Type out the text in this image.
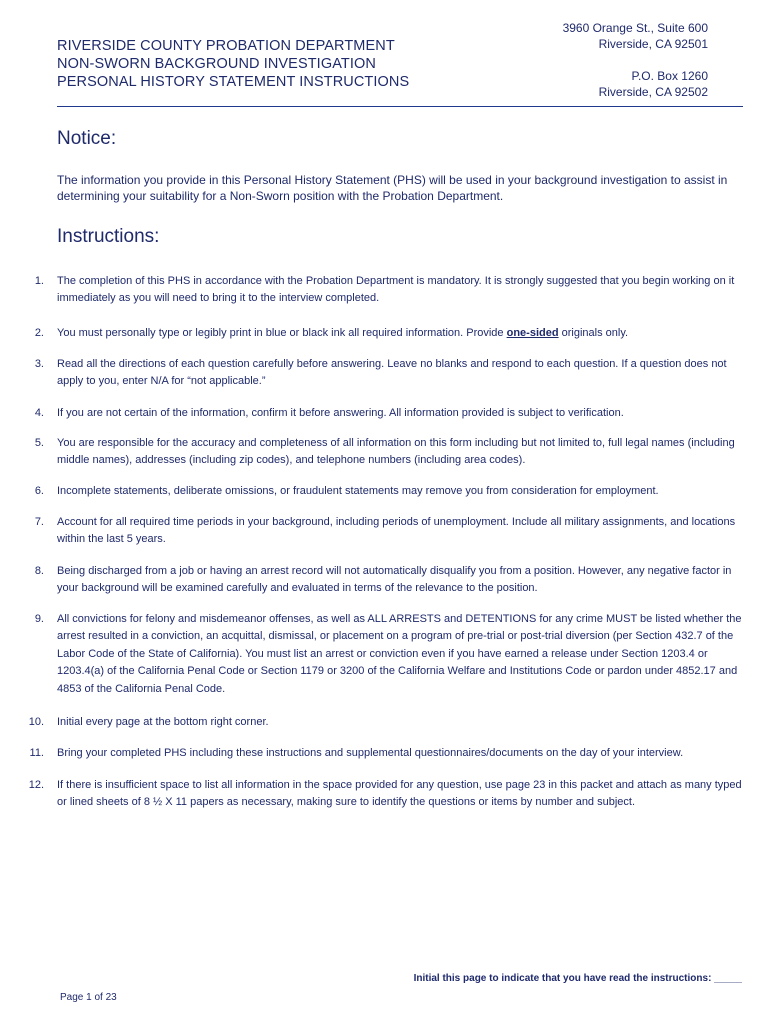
RIVERSIDE COUNTY PROBATION DEPARTMENT
NON-SWORN BACKGROUND INVESTIGATION
PERSONAL HISTORY STATEMENT INSTRUCTIONS
3960 Orange St., Suite 600
Riverside, CA 92501
P.O. Box 1260
Riverside, CA 92502
Notice:
The information you provide in this Personal History Statement (PHS) will be used in your background investigation to assist in determining your suitability for a Non-Sworn position with the Probation Department.
Instructions:
1. The completion of this PHS in accordance with the Probation Department is mandatory. It is strongly suggested that you begin working on it immediately as you will need to bring it to the interview completed.
2. You must personally type or legibly print in blue or black ink all required information. Provide one-sided originals only.
3. Read all the directions of each question carefully before answering. Leave no blanks and respond to each question. If a question does not apply to you, enter N/A for “not applicable.”
4. If you are not certain of the information, confirm it before answering. All information provided is subject to verification.
5. You are responsible for the accuracy and completeness of all information on this form including but not limited to, full legal names (including middle names), addresses (including zip codes), and telephone numbers (including area codes).
6. Incomplete statements, deliberate omissions, or fraudulent statements may remove you from consideration for employment.
7. Account for all required time periods in your background, including periods of unemployment. Include all military assignments, and locations within the last 5 years.
8. Being discharged from a job or having an arrest record will not automatically disqualify you from a position. However, any negative factor in your background will be examined carefully and evaluated in terms of the relevance to the position.
9. All convictions for felony and misdemeanor offenses, as well as ALL ARRESTS and DETENTIONS for any crime MUST be listed whether the arrest resulted in a conviction, an acquittal, dismissal, or placement on a program of pre-trial or post-trial diversion (per Section 432.7 of the Labor Code of the State of California). You must list an arrest or conviction even if you have earned a release under Section 1203.4 or 1203.4(a) of the California Penal Code or Section 1179 or 3200 of the California Welfare and Institutions Code or pardon under 4852.17 and 4853 of the California Penal Code.
10. Initial every page at the bottom right corner.
11. Bring your completed PHS including these instructions and supplemental questionnaires/documents on the day of your interview.
12. If there is insufficient space to list all information in the space provided for any question, use page 23 in this packet and attach as many typed or lined sheets of 8 ½ X 11 papers as necessary, making sure to identify the questions or items by number and subject.
Initial this page to indicate that you have read the instructions: _____
Page 1 of 23
